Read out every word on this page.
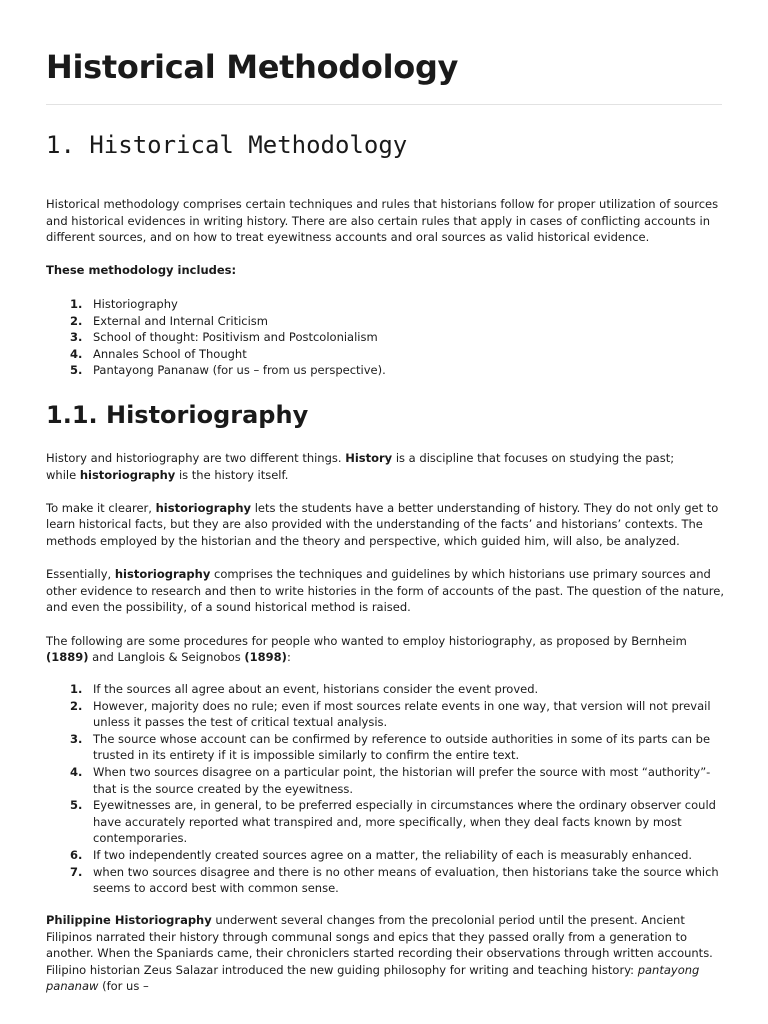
Historical Methodology
1. Historical Methodology

Historical methodology comprises certain techniques and rules that historians follow for proper utilization of sources and historical evidences in writing history. There are also certain rules that apply in cases of conflicting accounts in different sources, and on how to treat eyewitness accounts and oral sources as valid historical evidence.

These methodology includes:

1. Historiography
2. External and Internal Criticism
3. School of thought: Positivism and Postcolonialism
4. Annales School of Thought
5. Pantayong Pananaw (for us – from us perspective).
1.1. Historiography

History and historiography are two different things. History is a discipline that focuses on studying the past;
while historiography is the history itself.

To make it clearer, historiography lets the students have a better understanding of history. They do not only get to learn historical facts, but they are also provided with the understanding of the facts’ and historians’ contexts. The methods employed by the historian and the theory and perspective, which guided him, will also, be analyzed.

Essentially, historiography comprises the techniques and guidelines by which historians use primary sources and other evidence to research and then to write histories in the form of accounts of the past. The question of the nature, and even the possibility, of a sound historical method is raised.

The following are some procedures for people who wanted to employ historiography, as proposed by Bernheim (1889) and Langlois & Seignobos (1898):

1. If the sources all agree about an event, historians consider the event proved.
2. However, majority does no rule; even if most sources relate events in one way, that version will not prevail unless it passes the test of critical textual analysis.
3. The source whose account can be confirmed by reference to outside authorities in some of its parts can be trusted in its entirety if it is impossible similarly to confirm the entire text.
4. When two sources disagree on a particular point, the historian will prefer the source with most “authority”-that is the source created by the eyewitness.
5. Eyewitnesses are, in general, to be preferred especially in circumstances where the ordinary observer could have accurately reported what transpired and, more specifically, when they deal facts known by most contemporaries.
6. If two independently created sources agree on a matter, the reliability of each is measurably enhanced.
7. when two sources disagree and there is no other means of evaluation, then historians take the source which seems to accord best with common sense.

Philippine Historiography underwent several changes from the precolonial period until the present. Ancient Filipinos narrated their history through communal songs and epics that they passed orally from a generation to another. When the Spaniards came, their chroniclers started recording their observations through written accounts. Filipino historian Zeus Salazar introduced the new guiding philosophy for writing and teaching history: pantayong pananaw (for us –
